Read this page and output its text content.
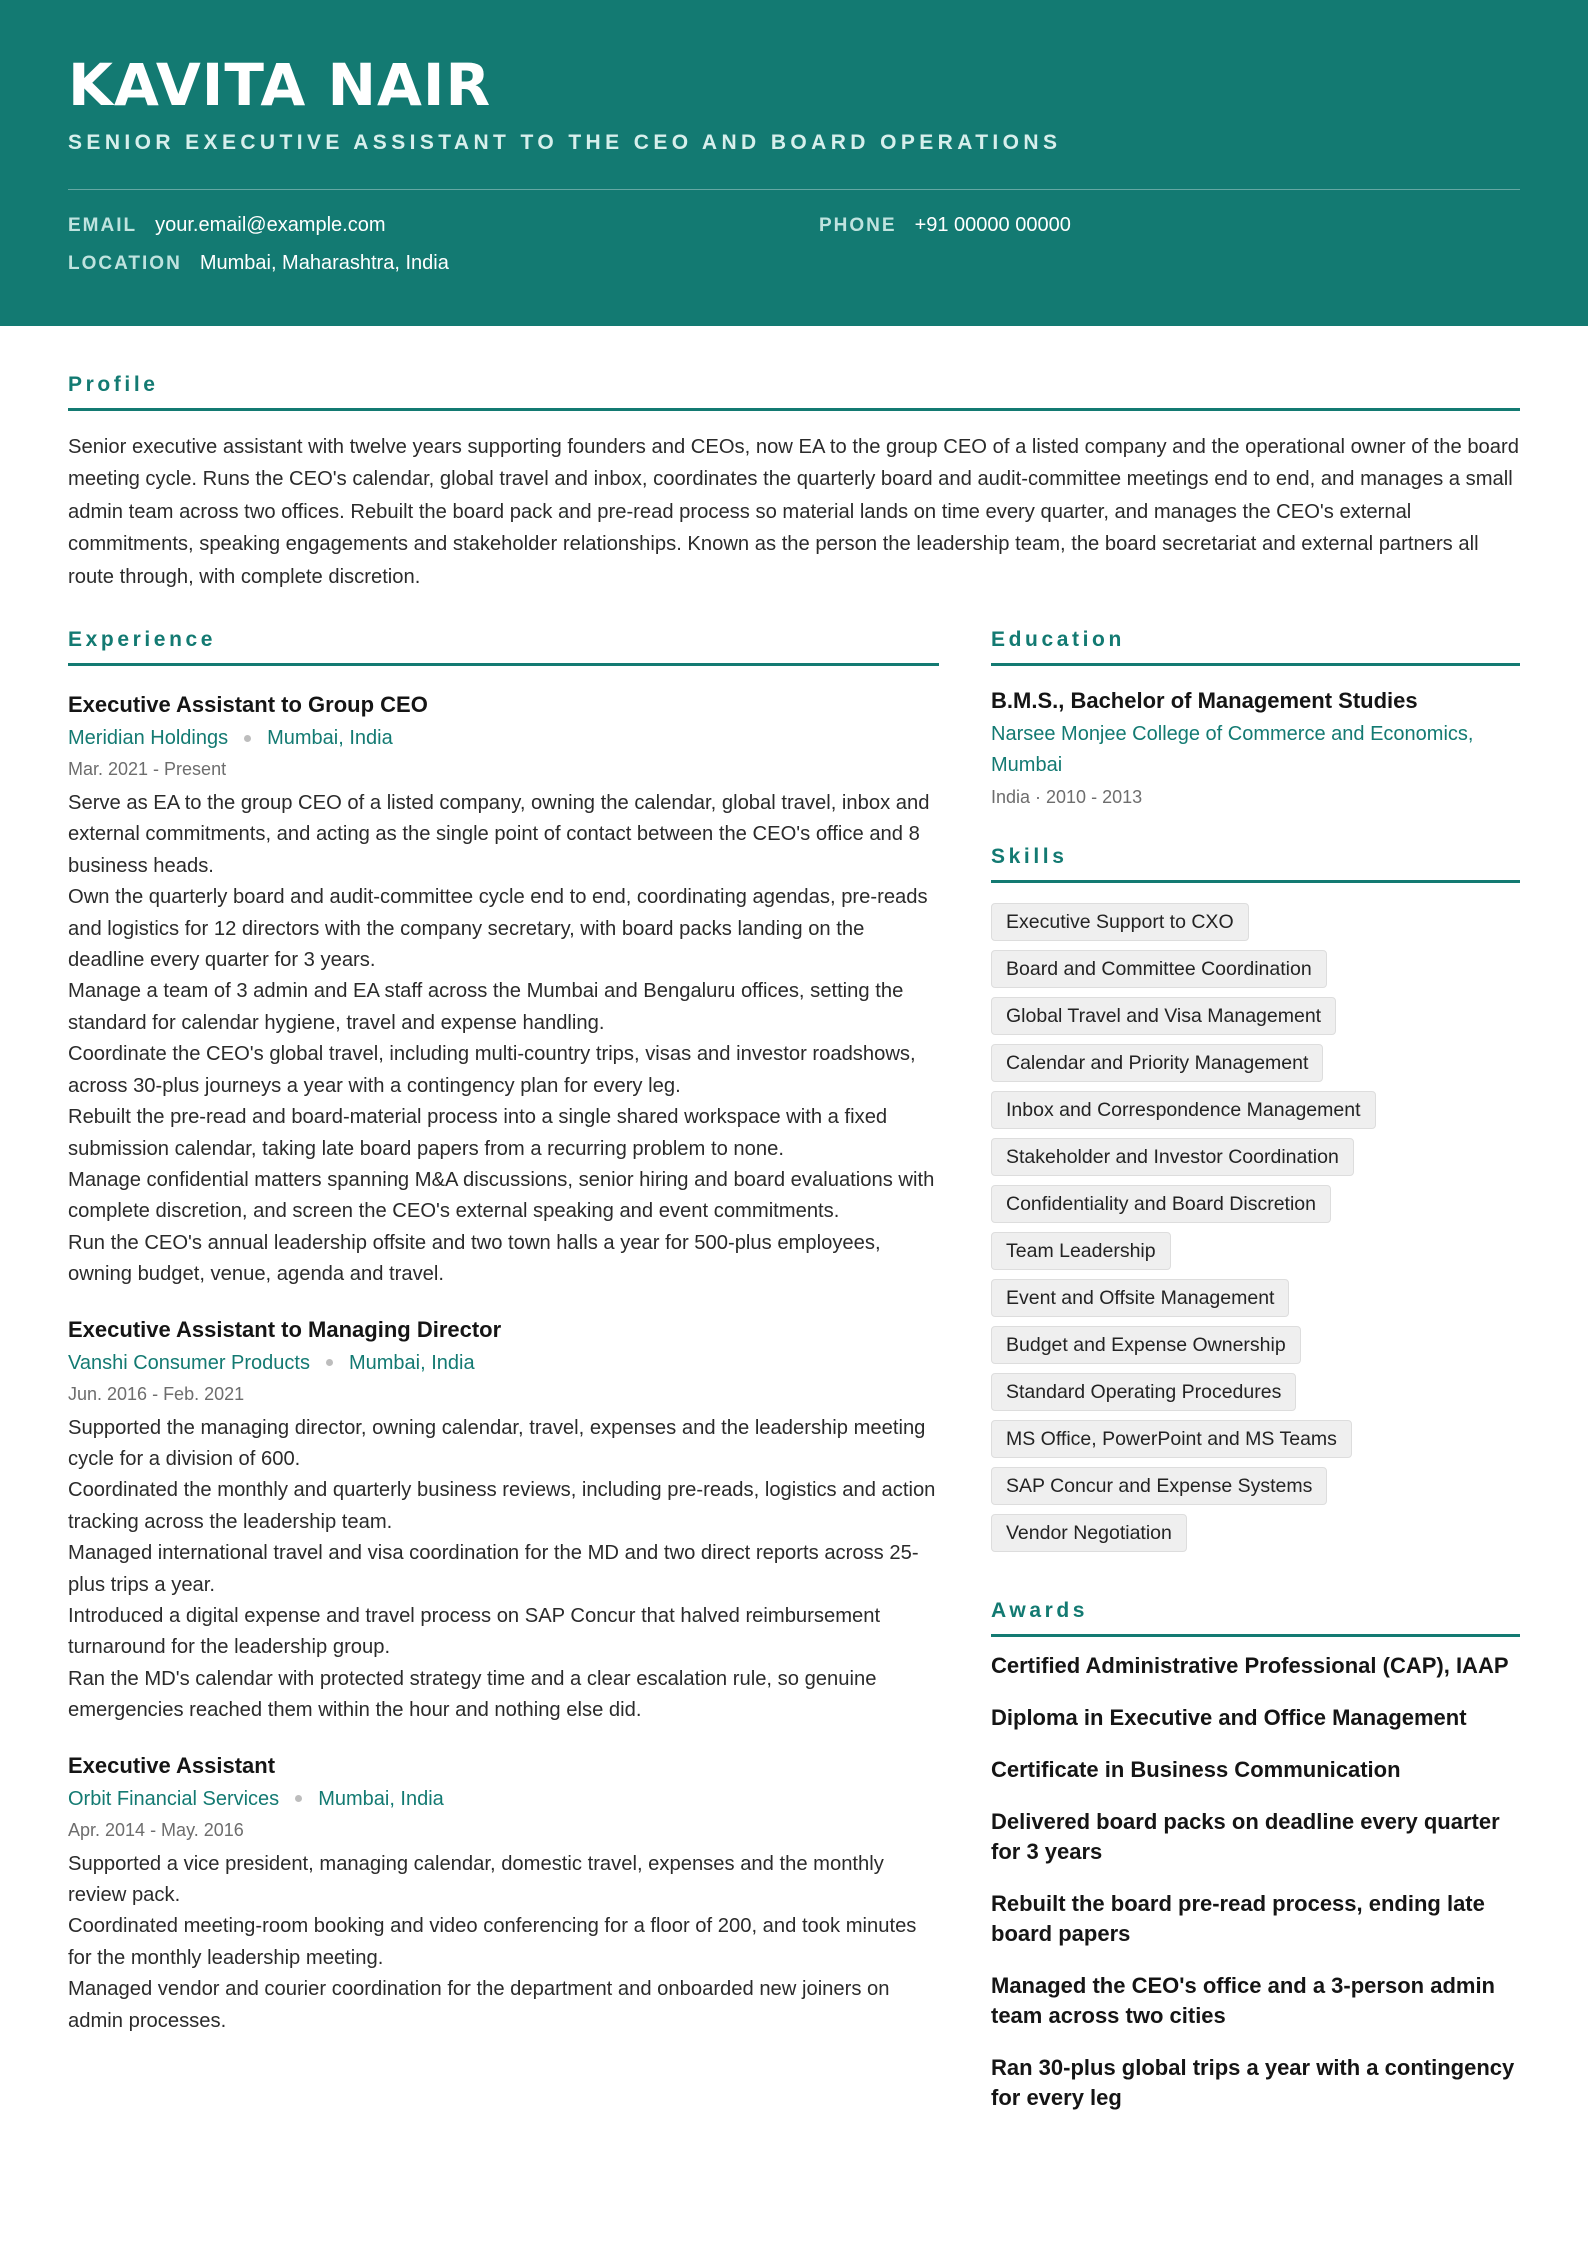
KAVITA NAIR
SENIOR EXECUTIVE ASSISTANT TO THE CEO AND BOARD OPERATIONS
EMAIL your.email@example.com	PHONE +91 00000 00000
LOCATION Mumbai, Maharashtra, India
Profile
Senior executive assistant with twelve years supporting founders and CEOs, now EA to the group CEO of a listed company and the operational owner of the board meeting cycle. Runs the CEO's calendar, global travel and inbox, coordinates the quarterly board and audit-committee meetings end to end, and manages a small admin team across two offices. Rebuilt the board pack and pre-read process so material lands on time every quarter, and manages the CEO's external commitments, speaking engagements and stakeholder relationships. Known as the person the leadership team, the board secretariat and external partners all route through, with complete discretion.
Experience
Executive Assistant to Group CEO
Meridian Holdings Mumbai, India
Mar. 2021 - Present
Serve as EA to the group CEO of a listed company, owning the calendar, global travel, inbox and external commitments, and acting as the single point of contact between the CEO's office and 8 business heads.
Own the quarterly board and audit-committee cycle end to end, coordinating agendas, pre-reads and logistics for 12 directors with the company secretary, with board packs landing on the deadline every quarter for 3 years.
Manage a team of 3 admin and EA staff across the Mumbai and Bengaluru offices, setting the standard for calendar hygiene, travel and expense handling.
Coordinate the CEO's global travel, including multi-country trips, visas and investor roadshows, across 30-plus journeys a year with a contingency plan for every leg.
Rebuilt the pre-read and board-material process into a single shared workspace with a fixed submission calendar, taking late board papers from a recurring problem to none.
Manage confidential matters spanning M&A discussions, senior hiring and board evaluations with complete discretion, and screen the CEO's external speaking and event commitments.
Run the CEO's annual leadership offsite and two town halls a year for 500-plus employees, owning budget, venue, agenda and travel.
Executive Assistant to Managing Director
Vanshi Consumer Products Mumbai, India
Jun. 2016 - Feb. 2021
Supported the managing director, owning calendar, travel, expenses and the leadership meeting cycle for a division of 600.
Coordinated the monthly and quarterly business reviews, including pre-reads, logistics and action tracking across the leadership team.
Managed international travel and visa coordination for the MD and two direct reports across 25-plus trips a year.
Introduced a digital expense and travel process on SAP Concur that halved reimbursement turnaround for the leadership group.
Ran the MD's calendar with protected strategy time and a clear escalation rule, so genuine emergencies reached them within the hour and nothing else did.
Executive Assistant
Orbit Financial Services Mumbai, India
Apr. 2014 - May. 2016
Supported a vice president, managing calendar, domestic travel, expenses and the monthly review pack.
Coordinated meeting-room booking and video conferencing for a floor of 200, and took minutes for the monthly leadership meeting.
Managed vendor and courier coordination for the department and onboarded new joiners on admin processes.
Education
B.M.S., Bachelor of Management Studies
Narsee Monjee College of Commerce and Economics, Mumbai
India · 2010 - 2013
Skills
Executive Support to CXO
Board and Committee Coordination
Global Travel and Visa Management
Calendar and Priority Management
Inbox and Correspondence Management
Stakeholder and Investor Coordination
Confidentiality and Board Discretion
Team Leadership
Event and Offsite Management
Budget and Expense Ownership
Standard Operating Procedures
MS Office, PowerPoint and MS Teams
SAP Concur and Expense Systems
Vendor Negotiation
Awards
Certified Administrative Professional (CAP), IAAP
Diploma in Executive and Office Management
Certificate in Business Communication
Delivered board packs on deadline every quarter for 3 years
Rebuilt the board pre-read process, ending late board papers
Managed the CEO's office and a 3-person admin team across two cities
Ran 30-plus global trips a year with a contingency for every leg
